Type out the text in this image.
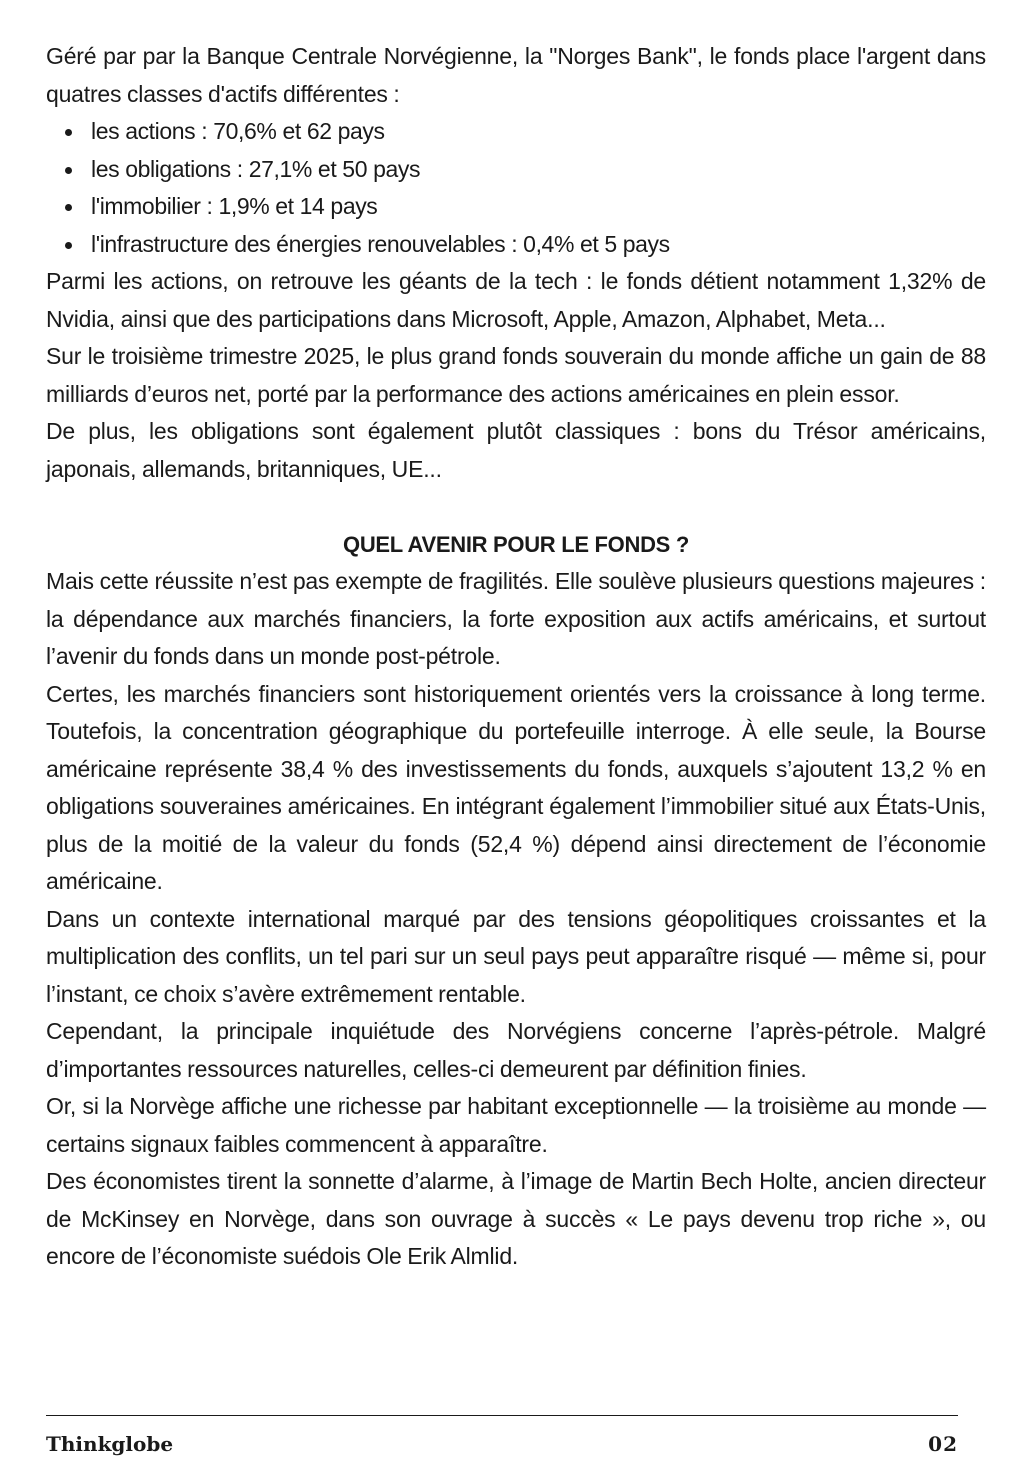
Géré par par la Banque Centrale Norvégienne, la "Norges Bank", le fonds place l'argent dans quatres classes d'actifs différentes :

les actions : 70,6% et 62 pays
les obligations : 27,1% et 50 pays
l'immobilier : 1,9% et 14 pays
l'infrastructure des énergies renouvelables : 0,4% et 5 pays

Parmi les actions, on retrouve les géants de la tech : le fonds détient notamment 1,32% de Nvidia, ainsi que des participations dans Microsoft, Apple, Amazon, Alphabet, Meta...

Sur le troisième trimestre 2025, le plus grand fonds souverain du monde affiche un gain de 88 milliards d’euros net, porté par la performance des actions américaines en plein essor.

De plus, les obligations sont également plutôt classiques : bons du Trésor américains, japonais, allemands, britanniques, UE...

QUEL AVENIR POUR LE FONDS ?

Mais cette réussite n’est pas exempte de fragilités. Elle soulève plusieurs questions majeures : la dépendance aux marchés financiers, la forte exposition aux actifs américains, et surtout l’avenir du fonds dans un monde post-pétrole.

Certes, les marchés financiers sont historiquement orientés vers la croissance à long terme. Toutefois, la concentration géographique du portefeuille interroge. À elle seule, la Bourse américaine représente 38,4 % des investissements du fonds, auxquels s’ajoutent 13,2 % en obligations souveraines américaines. En intégrant également l’immobilier situé aux États-Unis, plus de la moitié de la valeur du fonds (52,4 %) dépend ainsi directement de l’économie américaine.

Dans un contexte international marqué par des tensions géopolitiques croissantes et la multiplication des conflits, un tel pari sur un seul pays peut apparaître risqué — même si, pour l’instant, ce choix s’avère extrêmement rentable.

Cependant, la principale inquiétude des Norvégiens concerne l’après-pétrole. Malgré d’importantes ressources naturelles, celles-ci demeurent par définition finies.

Or, si la Norvège affiche une richesse par habitant exceptionnelle — la troisième au monde — certains signaux faibles commencent à apparaître.

Des économistes tirent la sonnette d’alarme, à l’image de Martin Bech Holte, ancien directeur de McKinsey en Norvège, dans son ouvrage à succès « Le pays devenu trop riche », ou encore de l’économiste suédois Ole Erik Almlid.

Thinkglobe	02
